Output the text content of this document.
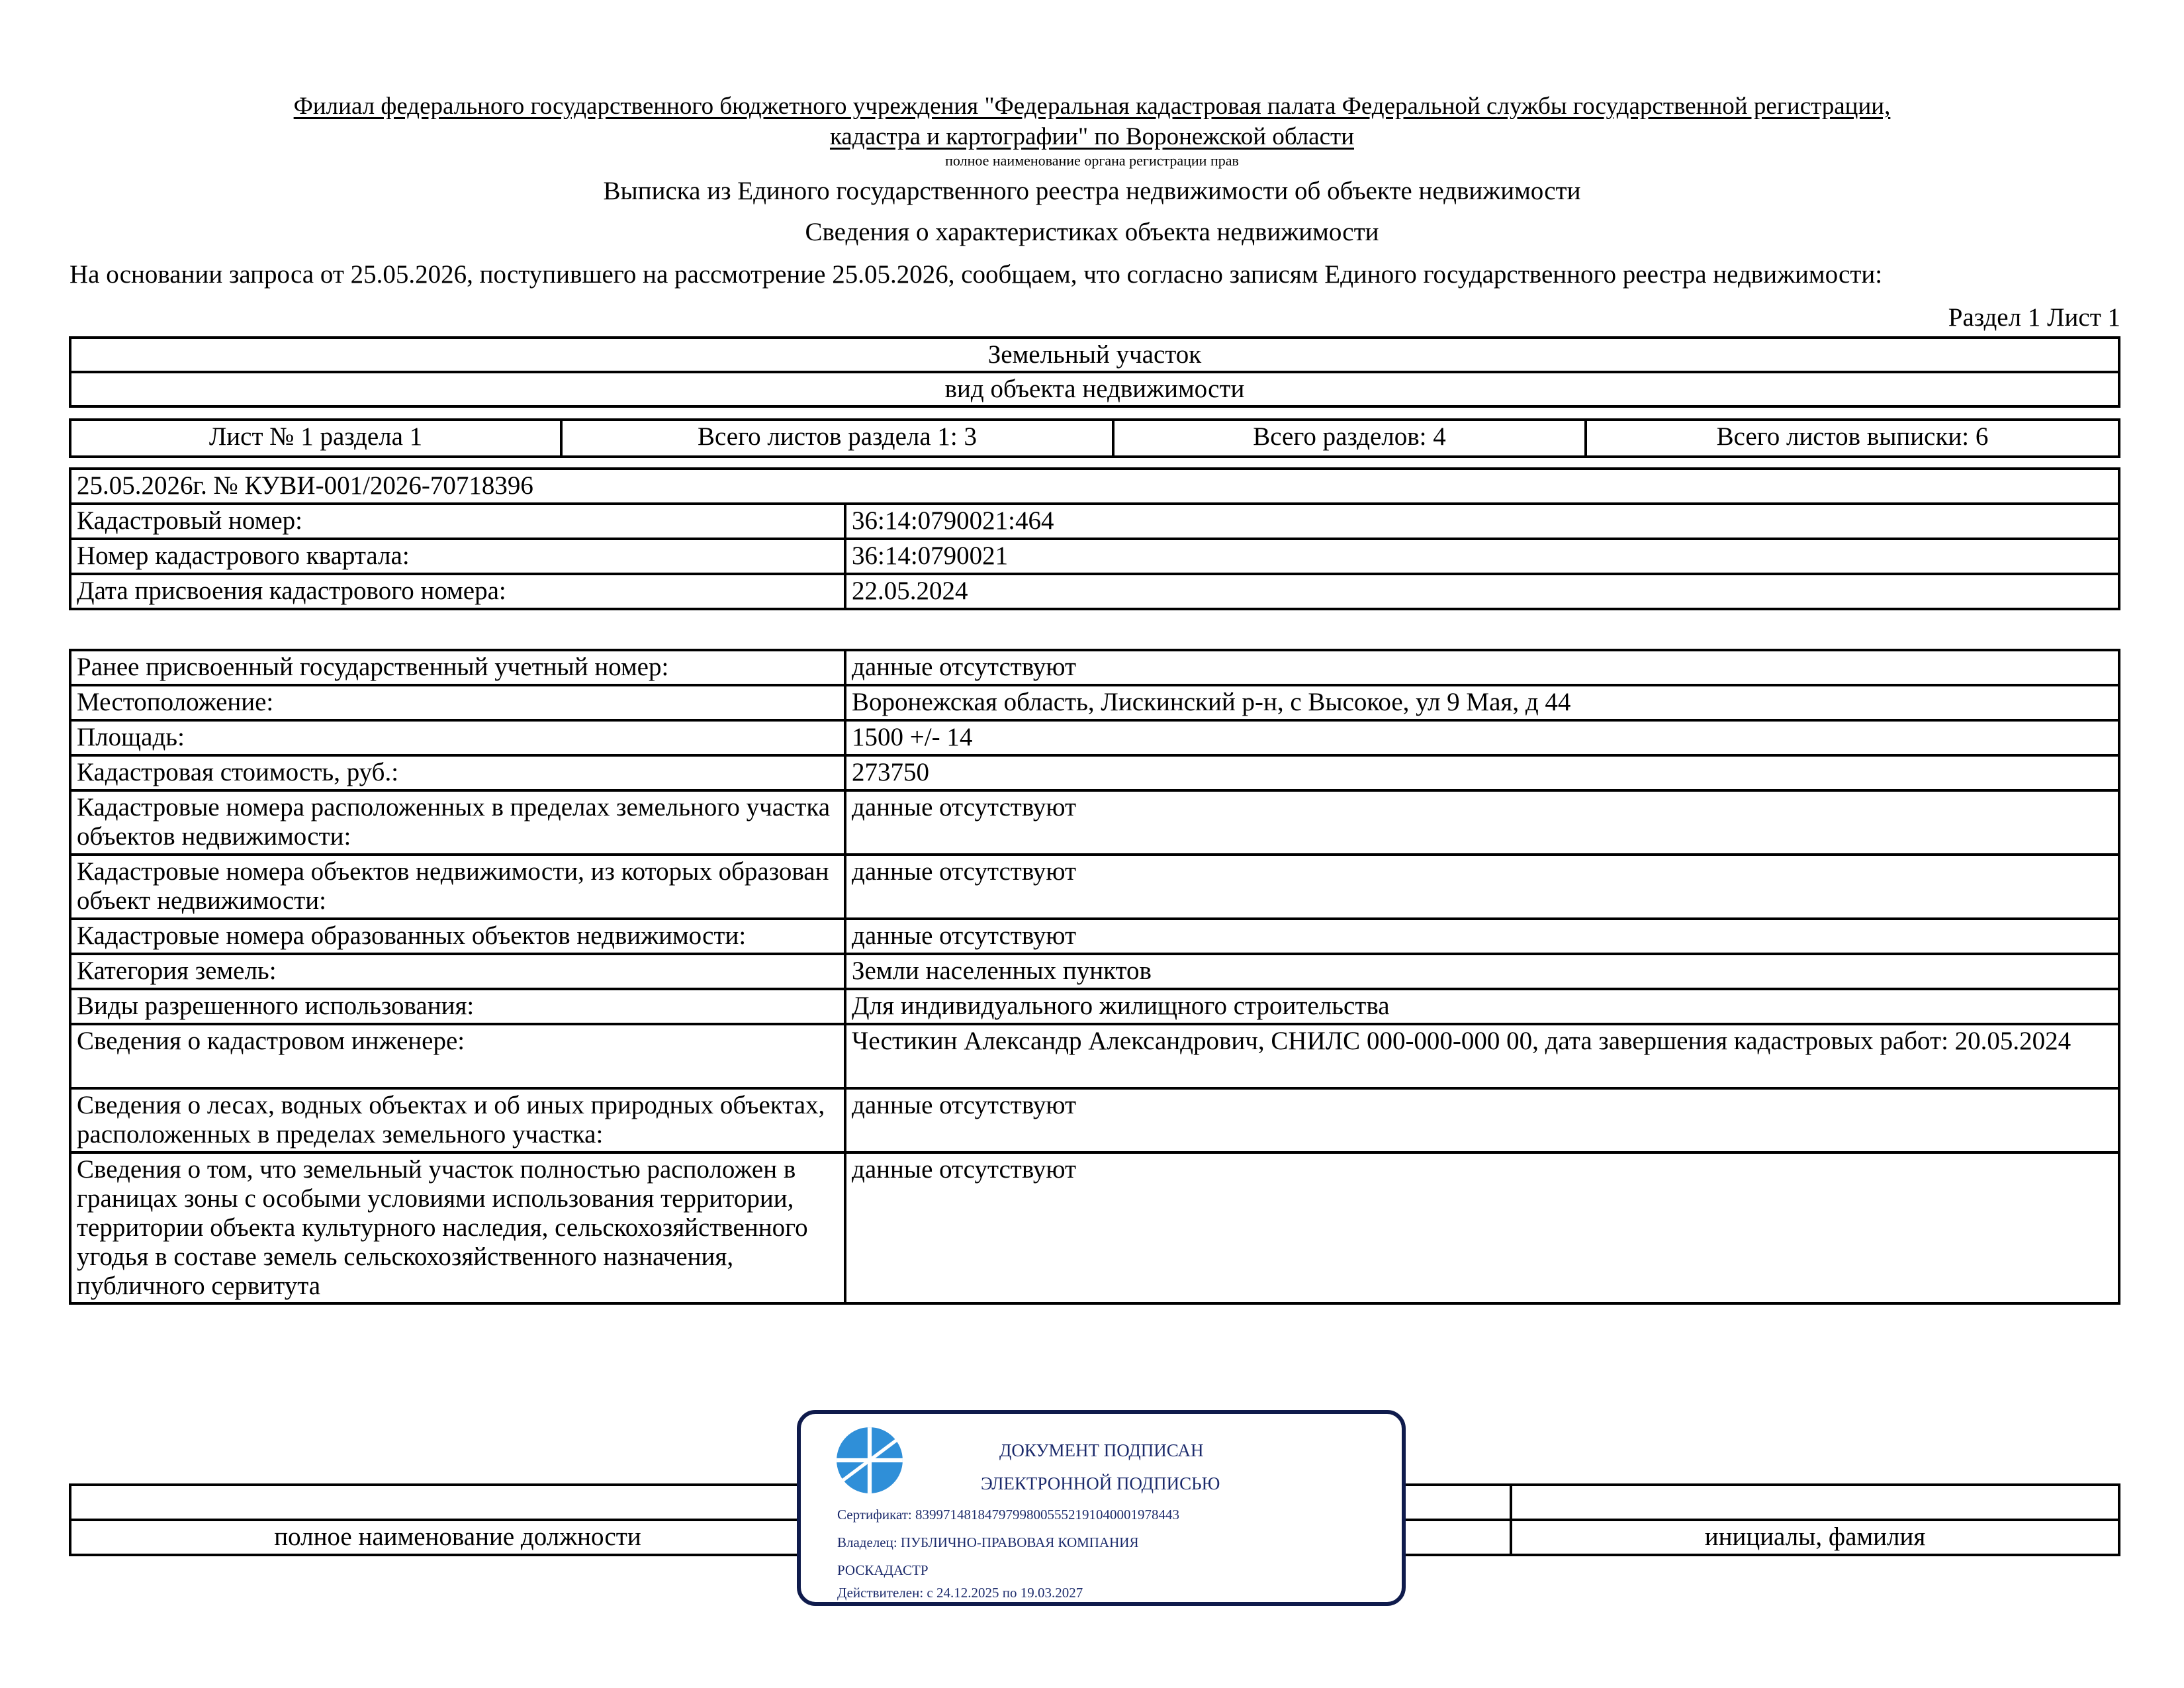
Филиал федерального государственного бюджетного учреждения "Федеральная кадастровая палата Федеральной службы государственной регистрации,
кадастра и картографии" по Воронежской области
полное наименование органа регистрации прав
Выписка из Единого государственного реестра недвижимости об объекте недвижимости
Сведения о характеристиках объекта недвижимости
На основании запроса от 25.05.2026, поступившего на рассмотрение 25.05.2026, сообщаем, что согласно записям Единого государственного реестра недвижимости:
Раздел 1 Лист 1
Земельный участок
вид объекта недвижимости
Лист № 1 раздела 1	Всего листов раздела 1: 3	Всего разделов: 4	Всего листов выписки: 6
25.05.2026г. № КУВИ-001/2026-70718396	
Кадастровый номер:	36:14:0790021:464
Номер кадастрового квартала:	36:14:0790021
Дата присвоения кадастрового номера:	22.05.2024
Ранее присвоенный государственный учетный номер:	данные отсутствуют
Местоположение:	Воронежская область, Лискинский р-н, с Высокое, ул 9 Мая, д 44
Площадь:	1500 +/- 14
Кадастровая стоимость, руб.:	273750
Кадастровые номера расположенных в пределах земельного участка объектов недвижимости:	данные отсутствуют
Кадастровые номера объектов недвижимости, из которых образован объект недвижимости:	данные отсутствуют
Кадастровые номера образованных объектов недвижимости:	данные отсутствуют
Категория земель:	Земли населенных пунктов
Виды разрешенного использования:	Для индивидуального жилищного строительства
Сведения о кадастровом инженере:	Честикин Александр Александрович, СНИЛС 000-000-000 00, дата завершения кадастровых работ: 20.05.2024
Сведения о лесах, водных объектах и об иных природных объектах, расположенных в пределах земельного участка:	данные отсутствуют
Сведения о том, что земельный участок полностью расположен в границах зоны с особыми условиями использования территории, территории объекта культурного наследия, сельскохозяйственного угодья в составе земель сельскохозяйственного назначения, публичного сервитута	данные отсутствуют

полное наименование должности		инициалы, фамилия
ДОКУМЕНТ ПОДПИСАН
ЭЛЕКТРОННОЙ ПОДПИСЬЮ
Сертификат: 839971481847979980055521910400019784​43
Владелец: ПУБЛИЧНО-ПРАВОВАЯ КОМПАНИЯ
РОСКАДАСТР
Действителен: с 24.12.2025 по 19.03.2027
